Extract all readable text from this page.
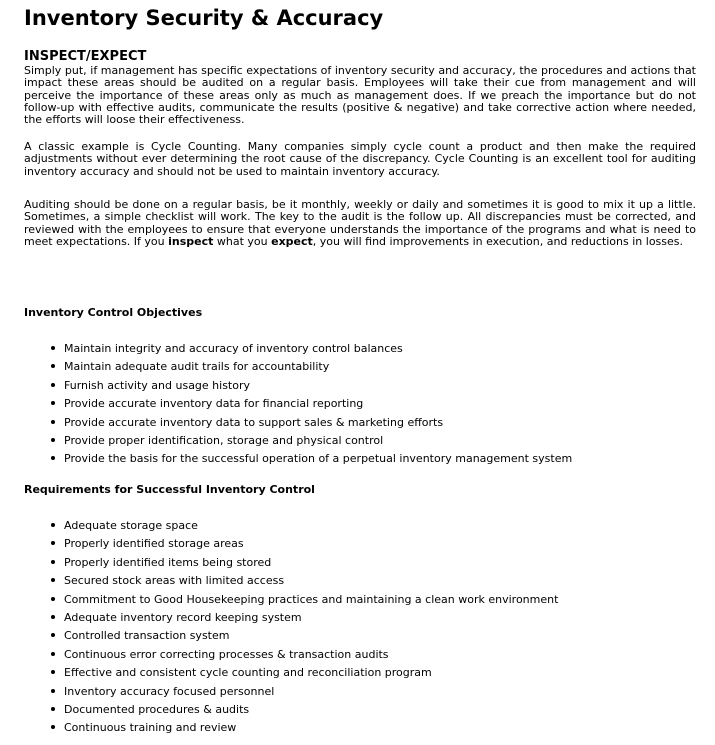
Inventory Security & Accuracy
INSPECT/EXPECT

Simply put, if management has specific expectations of inventory security and accuracy, the procedures and actions that impact these areas should be audited on a regular basis. Employees will take their cue from management and will perceive the importance of these areas only as much as management does. If we preach the importance but do not follow-up with effective audits, communicate the results (positive & negative) and take corrective action where needed, the efforts will loose their effectiveness.

A classic example is Cycle Counting. Many companies simply cycle count a product and then make the required adjustments without ever determining the root cause of the discrepancy. Cycle Counting is an excellent tool for auditing inventory accuracy and should not be used to maintain inventory accuracy.

Auditing should be done on a regular basis, be it monthly, weekly or daily and sometimes it is good to mix it up a little. Sometimes, a simple checklist will work. The key to the audit is the follow up. All discrepancies must be corrected, and reviewed with the employees to ensure that everyone understands the importance of the programs and what is need to meet expectations. If you inspect what you expect, you will find improvements in execution, and reductions in losses.

Inventory Control Objectives
Maintain integrity and accuracy of inventory control balances
Maintain adequate audit trails for accountability
Furnish activity and usage history
Provide accurate inventory data for financial reporting
Provide accurate inventory data to support sales & marketing efforts
Provide proper identification, storage and physical control
Provide the basis for the successful operation of a perpetual inventory management system
Requirements for Successful Inventory Control
Adequate storage space
Properly identified storage areas
Properly identified items being stored
Secured stock areas with limited access
Commitment to Good Housekeeping practices and maintaining a clean work environment
Adequate inventory record keeping system
Controlled transaction system
Continuous error correcting processes & transaction audits
Effective and consistent cycle counting and reconciliation program
Inventory accuracy focused personnel
Documented procedures & audits
Continuous training and review
